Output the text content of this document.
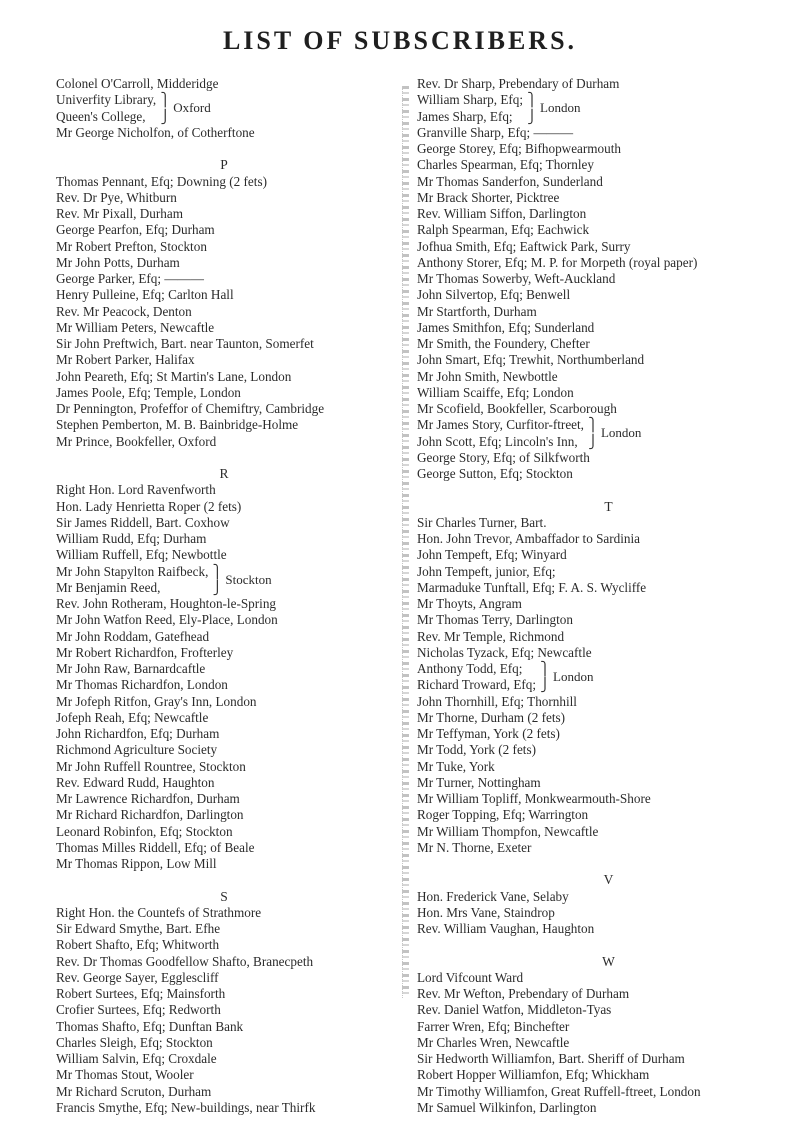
LIST OF SUBSCRIBERS.
Colonel O'Carroll, Midderidge
Univerfity Library,
Queen's College,
⎫
⎭
Oxford
Mr George Nicholfon, of Cotherftone
P
Thomas Pennant, Efq; Downing (2 fets)
Rev. Dr Pye, Whitburn
Rev. Mr Pixall, Durham
George Pearfon, Efq; Durham
Mr Robert Prefton, Stockton
Mr John Potts, Durham
George Parker, Efq; ———
Henry Pulleine, Efq; Carlton Hall
Rev. Mr Peacock, Denton
Mr William Peters, Newcaftle
Sir John Preftwich, Bart. near Taunton, Somerfet
Mr Robert Parker, Halifax
John Peareth, Efq; St Martin's Lane, London
James Poole, Efq; Temple, London
Dr Pennington, Profeffor of Chemiftry, Cambridge
Stephen Pemberton, M. B. Bainbridge-Holme
Mr Prince, Bookfeller, Oxford
R
Right Hon. Lord Ravenfworth
Hon. Lady Henrietta Roper (2 fets)
Sir James Riddell, Bart. Coxhow
William Rudd, Efq; Durham
William Ruffell, Efq; Newbottle
Mr John Stapylton Raifbeck,
Mr Benjamin Reed,
⎫
⎭
Stockton
Rev. John Rotheram, Houghton-le-Spring
Mr John Watfon Reed, Ely-Place, London
Mr John Roddam, Gatefhead
Mr Robert Richardfon, Frofterley
Mr John Raw, Barnardcaftle
Mr Thomas Richardfon, London
Mr Jofeph Ritfon, Gray's Inn, London
Jofeph Reah, Efq; Newcaftle
John Richardfon, Efq; Durham
Richmond Agriculture Society
Mr John Ruffell Rountree, Stockton
Rev. Edward Rudd, Haughton
Mr Lawrence Richardfon, Durham
Mr Richard Richardfon, Darlington
Leonard Robinfon, Efq; Stockton
Thomas Milles Riddell, Efq; of Beale
Mr Thomas Rippon, Low Mill
S
Right Hon. the Countefs of Strathmore
Sir Edward Smythe, Bart. Efhe
Robert Shafto, Efq; Whitworth
Rev. Dr Thomas Goodfellow Shafto, Branecpeth
Rev. George Sayer, Egglescliff
Robert Surtees, Efq; Mainsforth
Crofier Surtees, Efq; Redworth
Thomas Shafto, Efq; Dunftan Bank
Charles Sleigh, Efq; Stockton
William Salvin, Efq; Croxdale
Mr Thomas Stout, Wooler
Mr Richard Scruton, Durham
Francis Smythe, Efq; New-buildings, near Thirfk
Rev. Dr Sharp, Prebendary of Durham
William Sharp, Efq;
James Sharp, Efq;
⎫
⎭
London
Granville Sharp, Efq; ———
George Storey, Efq; Bifhopwearmouth
Charles Spearman, Efq; Thornley
Mr Thomas Sanderfon, Sunderland
Mr Brack Shorter, Picktree
Rev. William Siffon, Darlington
Ralph Spearman, Efq; Eachwick
Jofhua Smith, Efq; Eaftwick Park, Surry
Anthony Storer, Efq; M. P. for Morpeth (royal paper)
Mr Thomas Sowerby, Weft-Auckland
John Silvertop, Efq; Benwell
Mr Startforth, Durham
James Smithfon, Efq; Sunderland
Mr Smith, the Foundery, Chefter
John Smart, Efq; Trewhit, Northumberland
Mr John Smith, Newbottle
William Scaiffe, Efq; London
Mr Scofield, Bookfeller, Scarborough
Mr James Story, Curfitor-ftreet,
John Scott, Efq; Lincoln's Inn,
⎫
⎭
London
George Story, Efq; of Silkfworth
George Sutton, Efq; Stockton
T
Sir Charles Turner, Bart.
Hon. John Trevor, Ambaffador to Sardinia
John Tempeft, Efq; Winyard
John Tempeft, junior, Efq;
Marmaduke Tunftall, Efq; F. A. S. Wycliffe
Mr Thoyts, Angram
Mr Thomas Terry, Darlington
Rev. Mr Temple, Richmond
Nicholas Tyzack, Efq; Newcaftle
Anthony Todd, Efq;
Richard Troward, Efq;
⎫
⎭
London
John Thornhill, Efq; Thornhill
Mr Thorne, Durham (2 fets)
Mr Teffyman, York (2 fets)
Mr Todd, York (2 fets)
Mr Tuke, York
Mr Turner, Nottingham
Mr William Topliff, Monkwearmouth-Shore
Roger Topping, Efq; Warrington
Mr William Thompfon, Newcaftle
Mr N. Thorne, Exeter
V
Hon. Frederick Vane, Selaby
Hon. Mrs Vane, Staindrop
Rev. William Vaughan, Haughton
W
Lord Vifcount Ward
Rev. Mr Wefton, Prebendary of Durham
Rev. Daniel Watfon, Middleton-Tyas
Farrer Wren, Efq; Binchefter
Mr Charles Wren, Newcaftle
Sir Hedworth Williamfon, Bart. Sheriff of Durham
Robert Hopper Williamfon, Efq; Whickham
Mr Timothy Williamfon, Great Ruffell-ftreet, London
Mr Samuel Wilkinfon, Darlington
